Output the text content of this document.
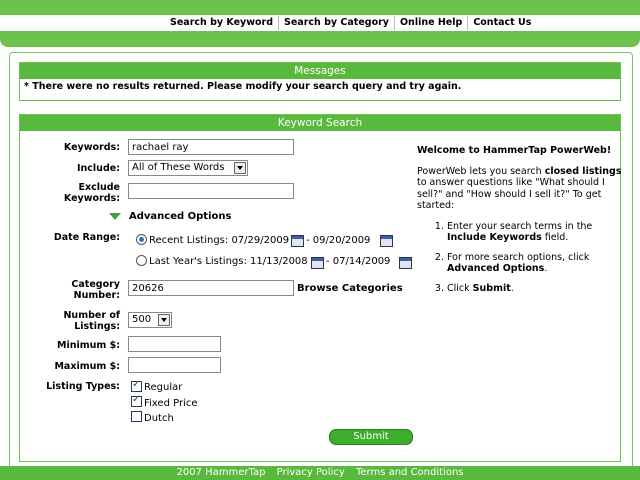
Search by Keyword	Search by Category	Online Help	Contact Us
Messages
* There were no results returned. Please modify your search query and try again.
Keyword Search
Keywords:
rachael ray
Include:	All of These Words
Exclude
Keywords:
Advanced Options
Date Range:	Recent Listings: 07/29/2009 - 09/20/2009
Last Year's Listings: 11/13/2008 - 07/14/2009
Category
Number:
20626
Browse Categories
Number of
Listings:
500
Minimum $:
Maximum $:
Listing Types:
✓ Regular
✓
Fixed Price
Dutch
Submit

Welcome to HammerTap PowerWeb!

PowerWeb lets you search closed listings to answer questions like "What should I sell?" and "How should I sell it?" To get started:

1. Enter your search terms in the Include Keywords field.
2. For more search options, click Advanced Options.
3. Click Submit.
2007 HammerTap Privacy Policy Terms and Conditions
